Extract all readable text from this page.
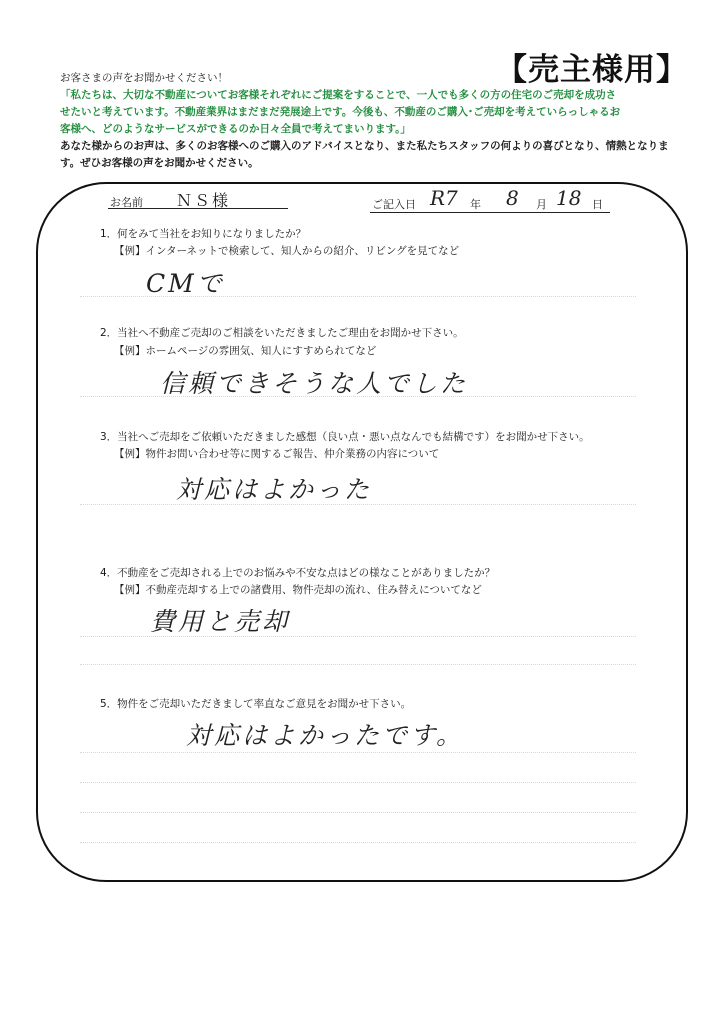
【売主様用】
お客さまの声をお聞かせください！
「私たちは、大切な不動産についてお客様それぞれにご提案をすることで、一人でも多くの方の住宅のご売却を成功さ
せたいと考えています。不動産業界はまだまだ発展途上です。今後も、不動産のご購入･ご売却を考えていらっしゃるお
客様へ、どのようなサービスができるのか日々全員で考えてまいります。」
あなた様からのお声は、多くのお客様へのご購入のアドバイスとなり、また私たちスタッフの何よりの喜びとなり、情熱となりま
す。ぜひお客様の声をお聞かせください。
お名前 ＮＳ様	ご記入日 R7 年 8 月 18 日
1．何をみて当社をお知りになりましたか？
【例】インターネットで検索して、知人からの紹介、リビングを見てなど
CMで
2．当社へ不動産ご売却のご相談をいただきましたご理由をお聞かせ下さい。
【例】ホームページの雰囲気、知人にすすめられてなど
信頼できそうな人でした
3．当社へご売却をご依頼いただきました感想（良い点・悪い点なんでも結構です）をお聞かせ下さい。
【例】物件お問い合わせ等に関するご報告、仲介業務の内容について
対応はよかった
4．不動産をご売却される上でのお悩みや不安な点はどの様なことがありましたか？
【例】不動産売却する上での諸費用、物件売却の流れ、住み替えについてなど
費用と売却
5．物件をご売却いただきまして率直なご意見をお聞かせ下さい。
対応はよかったです。
